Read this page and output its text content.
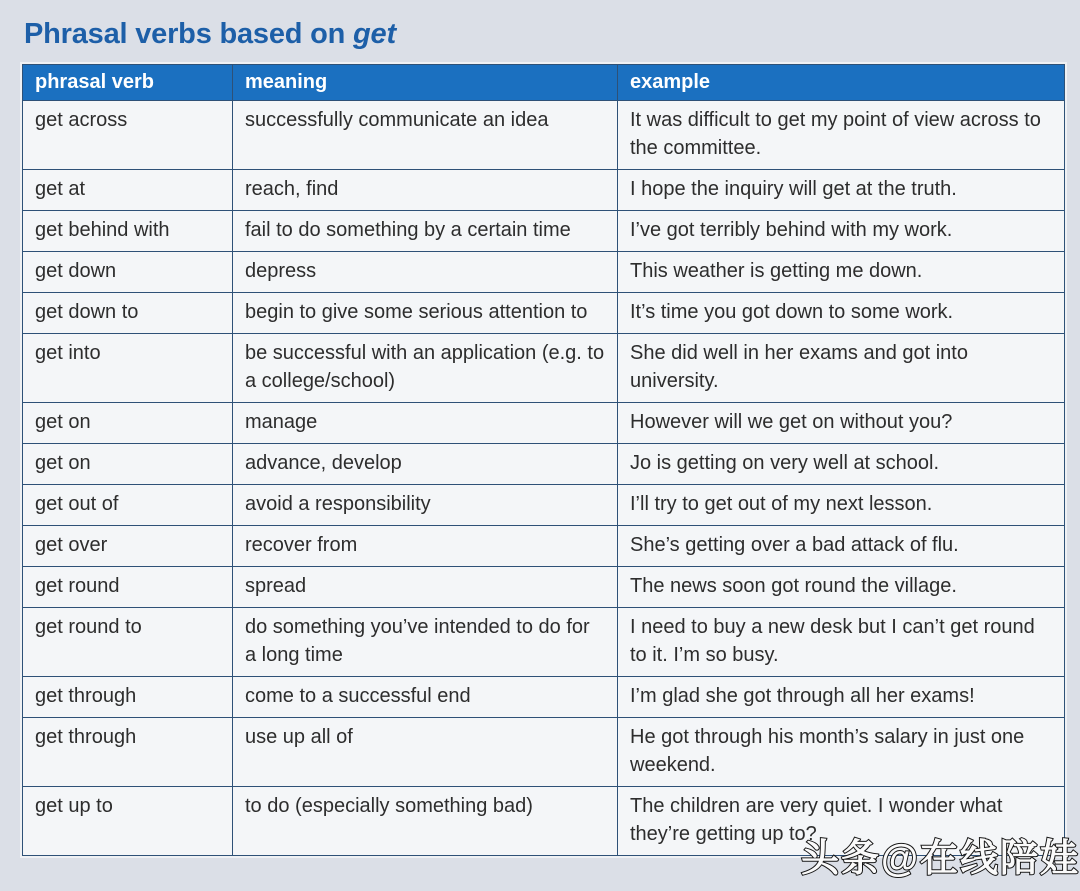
Phrasal verbs based on get
phrasal verb	meaning	example
get across	successfully communicate an idea	It was difficult to get my point of view across to the committee.
get at	reach, find	I hope the inquiry will get at the truth.
get behind with	fail to do something by a certain time	I’ve got terribly behind with my work.
get down	depress	This weather is getting me down.
get down to	begin to give some serious attention to	It’s time you got down to some work.
get into	be successful with an application (e.g. to a college/school)	She did well in her exams and got into university.
get on	manage	However will we get on without you?
get on	advance, develop	Jo is getting on very well at school.
get out of	avoid a responsibility	I’ll try to get out of my next lesson.
get over	recover from	She’s getting over a bad attack of flu.
get round	spread	The news soon got round the village.
get round to	do something you’ve intended to do for a long time	I need to buy a new desk but I can’t get round to it. I’m so busy.
get through	come to a successful end	I’m glad she got through all her exams!
get through	use up all of	He got through his month’s salary in just one weekend.
get up to	to do (especially something bad)	The children are very quiet. I wonder what they’re getting up to?
头条@在线陪娃
